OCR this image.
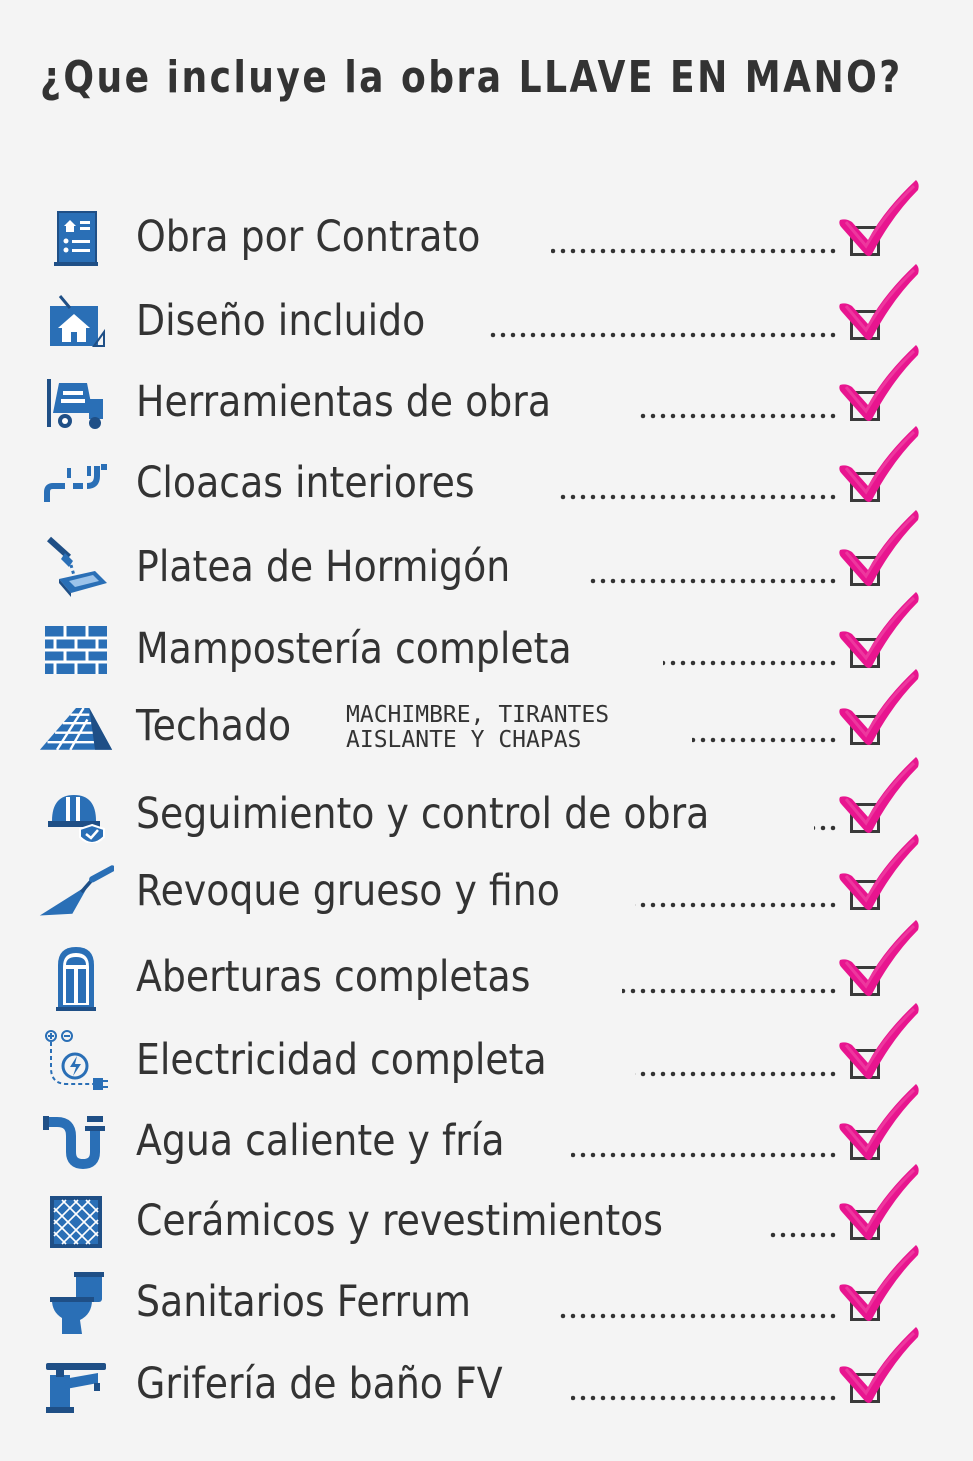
¿Que incluye la obra LLAVE EN MANO?
Obra por Contrato
Diseño incluido
Herramientas de obra
Cloacas interiores
Platea de Hormigón
Mampostería completa
Techado MACHIMBRE, TIRANTES
AISLANTE Y CHAPAS
Seguimiento y control de obra
Revoque grueso y fino
Aberturas completas
Electricidad completa
Agua caliente y fría
Cerámicos y revestimientos
Sanitarios Ferrum
Grifería de baño FV
